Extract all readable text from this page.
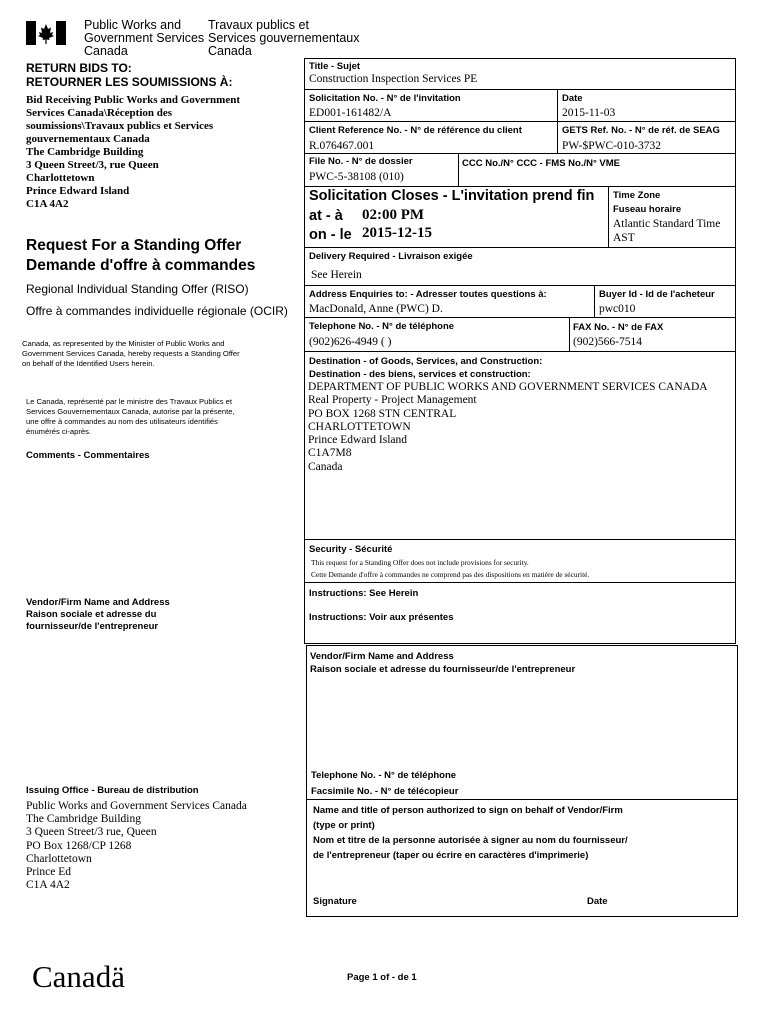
Public Works and
Government Services
Canada
Travaux publics et
Services gouvernementaux
Canada
RETURN BIDS TO:
RETOURNER LES SOUMISSIONS À:
Bid Receiving Public Works and Government
Services Canada\Réception des
soumissions\Travaux publics et Services
gouvernementaux Canada
The Cambridge Building
3 Queen Street/3, rue Queen
Charlottetown
Prince Edward Island
C1A 4A2
Request For a Standing Offer
Demande d'offre à commandes
Regional Individual Standing Offer (RISO)
Offre à commandes individuelle régionale (OCIR)
Canada, as represented by the Minister of Public Works and
Government Services Canada, hereby requests a Standing Offer
on behalf of the Identified Users herein.
Le Canada, représenté par le ministre des Travaux Publics et
Services Gouvernementaux Canada, autorise par la présente,
une offre à commandes au nom des utilisateurs identifiés
énumérés ci-après.
Comments - Commentaires
Vendor/Firm Name and Address
Raison sociale et adresse du
fournisseur/de l'entrepreneur
Issuing Office - Bureau de distribution
Public Works and Government Services Canada
The Cambridge Building
3 Queen Street/3 rue, Queen
PO Box 1268/CP 1268
Charlottetown
Prince Ed
C1A 4A2
Title - Sujet
Construction Inspection Services PE
Solicitation No. - N° de l'invitation
ED001-161482/A
Date
2015-11-03
Client Reference No. - N° de référence du client
R.076467.001
GETS Ref. No. - N° de réf. de SEAG
PW-$PWC-010-3732
File No. - N° de dossier
PWC-5-38108 (010)
CCC No./N° CCC - FMS No./N° VME
Solicitation Closes - L'invitation prend fin
at - à 02:00 PM
on - le 2015-12-15
Time Zone
Fuseau horaire
Atlantic Standard Time
AST
Delivery Required - Livraison exigée
See Herein
Address Enquiries to: - Adresser toutes questions à:
MacDonald, Anne (PWC) D.
Buyer Id - Id de l'acheteur
pwc010
Telephone No. - N° de téléphone
(902)626-4949 ( )
FAX No. - N° de FAX
(902)566-7514
Destination - of Goods, Services, and Construction:
Destination - des biens, services et construction:
DEPARTMENT OF PUBLIC WORKS AND GOVERNMENT SERVICES CANADA
Real Property - Project Management
PO BOX 1268 STN CENTRAL
CHARLOTTETOWN
Prince Edward Island
C1A7M8
Canada
Security - Sécurité
This request for a Standing Offer does not include provisions for security.
Cette Demande d'offre à commandes ne comprend pas des dispositions en matière de sécurité.
Instructions: See Herein
Instructions: Voir aux présentes
Vendor/Firm Name and Address
Raison sociale et adresse du fournisseur/de l'entrepreneur
Telephone No. - N° de téléphone
Facsimile No. - N° de télécopieur
Name and title of person authorized to sign on behalf of Vendor/Firm
(type or print)
Nom et titre de la personne autorisée à signer au nom du fournisseur/
de l'entrepreneur (taper ou écrire en caractères d'imprimerie)
Signature	Date
Canadä	Page 1 of - de 1
